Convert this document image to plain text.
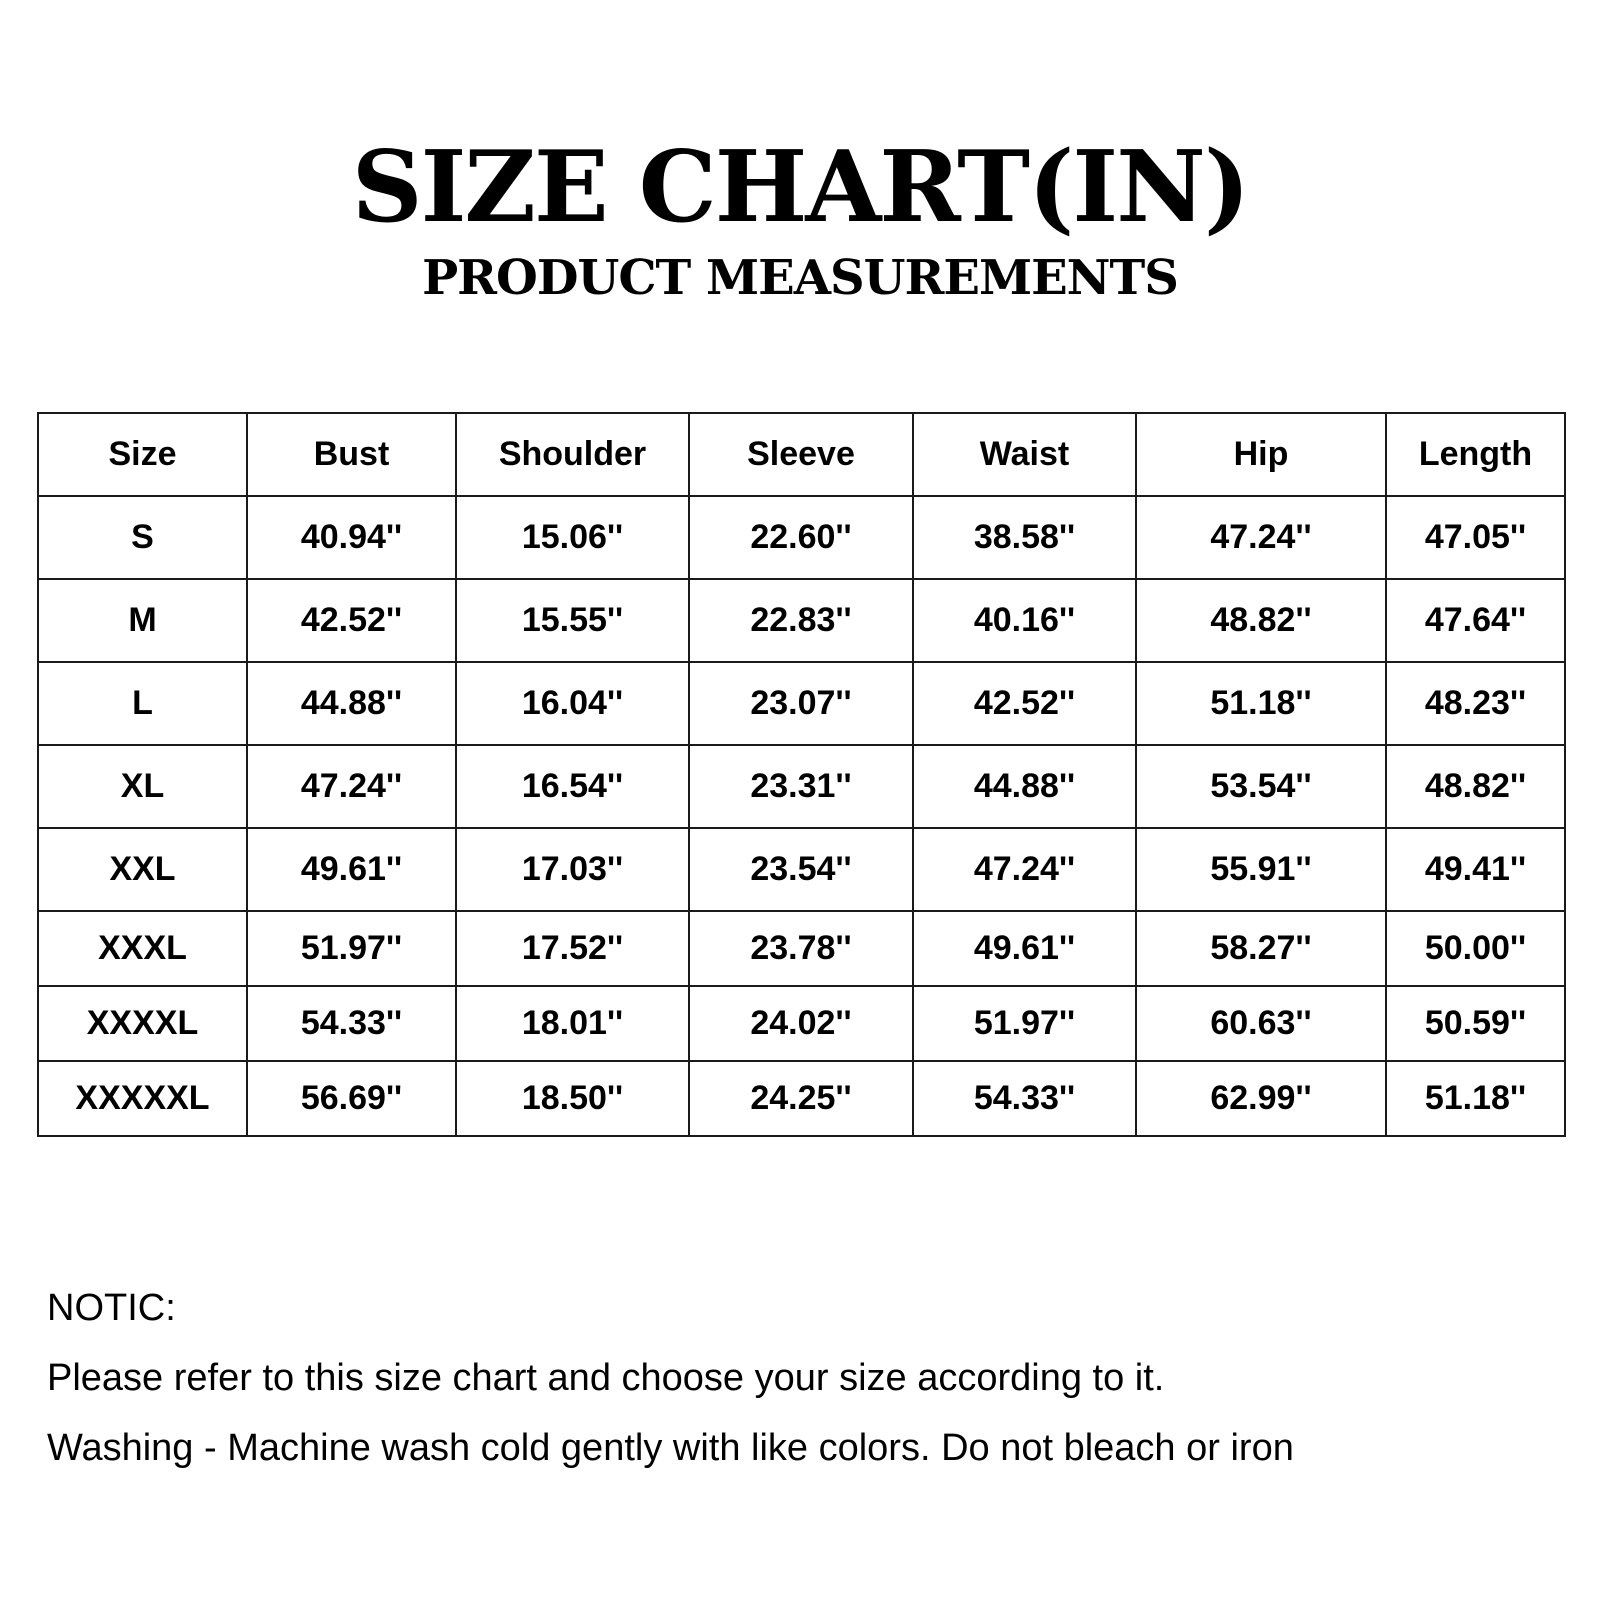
SIZE CHART(IN)
PRODUCT MEASUREMENTS
Size	Bust	Shoulder	Sleeve	Waist	Hip	Length
S	40.94''	15.06''	22.60''	38.58''	47.24''	47.05''
M	42.52''	15.55''	22.83''	40.16''	48.82''	47.64''
L	44.88''	16.04''	23.07''	42.52''	51.18''	48.23''
XL	47.24''	16.54''	23.31''	44.88''	53.54''	48.82''
XXL	49.61''	17.03''	23.54''	47.24''	55.91''	49.41''
XXXL	51.97''	17.52''	23.78''	49.61''	58.27''	50.00''
XXXXL	54.33''	18.01''	24.02''	51.97''	60.63''	50.59''
XXXXXL	56.69''	18.50''	24.25''	54.33''	62.99''	51.18''
NOTIC:
Please refer to this size chart and choose your size according to it.
Washing - Machine wash cold gently with like colors. Do not bleach or iron
